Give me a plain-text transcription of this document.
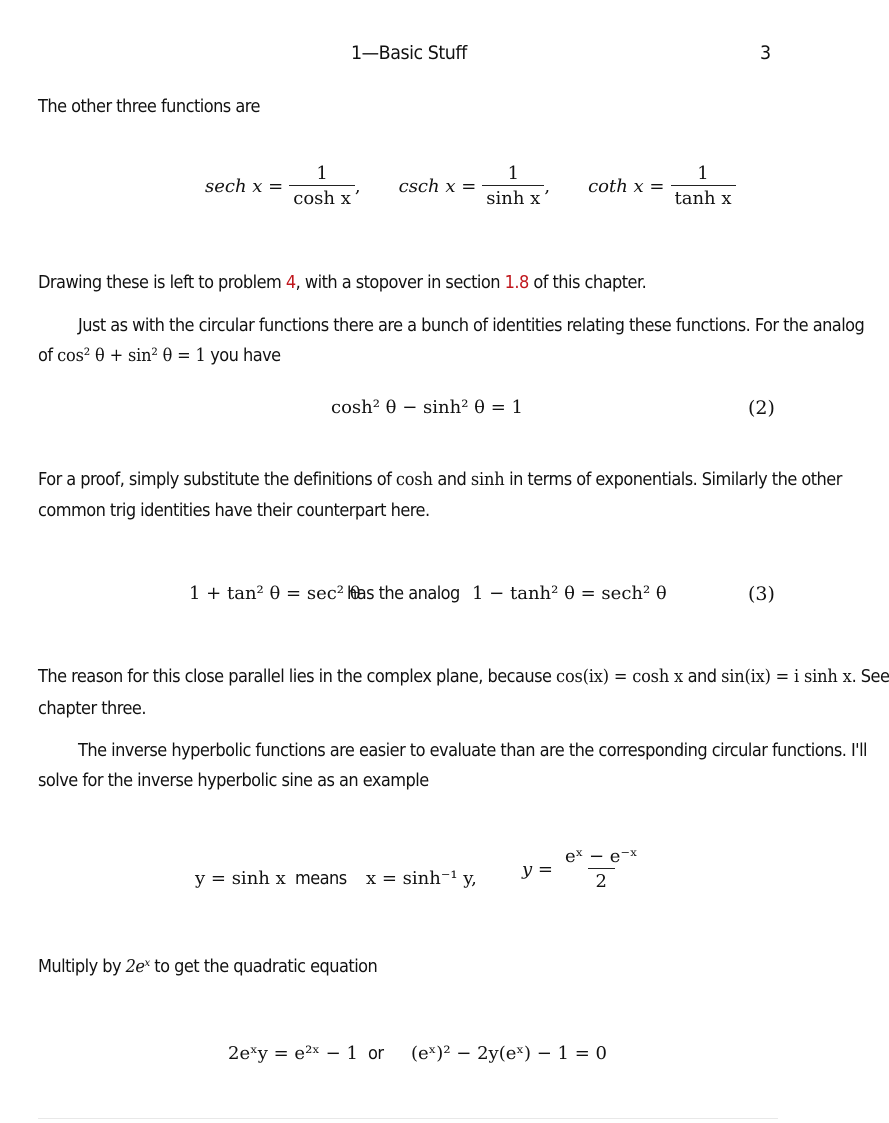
1—Basic Stuff	3
The other three functions are
sech $x = \frac{1}{\text{cosh x}}$ , csch $x = \frac{1}{\text{sinh x}}$ , coth $x = \frac{1}{\text{tanh x}}$
Drawing these is left to problem 4, with a stopover in section 1.8 of this chapter.
Just as with the circular functions there are a bunch of identities relating these functions. For the analog
of cos² θ + sin² θ = 1 you have
cosh² θ − sinh² θ = 1	(2)
For a proof, simply substitute the definitions of cosh and sinh in terms of exponentials. Similarly the other
common trig identities have their counterpart here.
1 + tan² θ = sec² θ
has the analog 1 − tanh² θ = sech² θ	(3)
The reason for this close parallel lies in the complex plane, because cos(ix) = cosh x and sin(ix) = i sinh x. See
chapter three.
The inverse hyperbolic functions are easier to evaluate than are the corresponding circular functions. I'll
solve for the inverse hyperbolic sine as an example
y = sinh x means x = sinh⁻¹ y,	$y = \frac{\text{eˣ − e⁻ˣ}}{2}$
Multiply by 2eˣ to get the quadratic equation
2eˣy = e²ˣ − 1 or (eˣ)² − 2y(eˣ) − 1 = 0
